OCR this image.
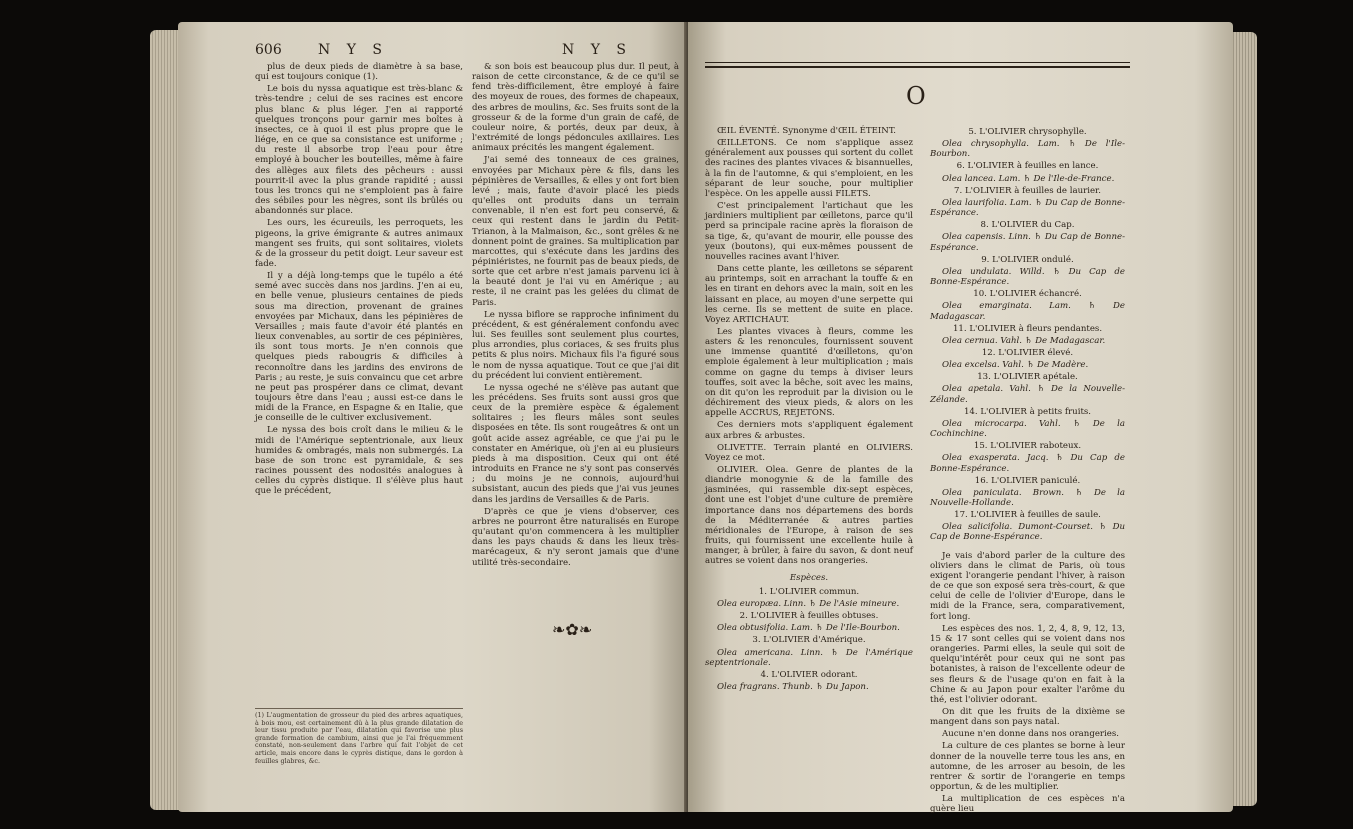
606	N Y S	N Y S

plus de deux pieds de diamètre à sa base, qui est toujours conique (1).

Le bois du nyssa aquatique est très-blanc & très-tendre ; celui de ses racines est encore plus blanc & plus léger. J'en ai rapporté quelques tronçons pour garnir mes boîtes à insectes, ce à quoi il est plus propre que le liége, en ce que sa consistance est uniforme ; du reste il absorbe trop l'eau pour être employé à boucher les bouteilles, même à faire des allèges aux filets des pêcheurs : aussi pourrit-il avec la plus grande rapidité ; aussi tous les troncs qui ne s'emploient pas à faire des sébiles pour les nègres, sont ils brûlés ou abandonnés sur place.

Les ours, les écureuils, les perroquets, les pigeons, la grive émigrante & autres animaux mangent ses fruits, qui sont solitaires, violets & de la grosseur du petit doigt. Leur saveur est fade.

Il y a déjà long-temps que le tupélo a été semé avec succès dans nos jardins. J'en ai eu, en belle venue, plusieurs centaines de pieds sous ma direction, provenant de graines envoyées par Michaux, dans les pépinières de Versailles ; mais faute d'avoir été plantés en lieux convenables, au sortir de ces pépinières, ils sont tous morts. Je n'en connois que quelques pieds rabougris & difficiles à reconnoître dans les jardins des environs de Paris ; au reste, je suis convaincu que cet arbre ne peut pas prospérer dans ce climat, devant toujours être dans l'eau ; aussi est-ce dans le midi de la France, en Espagne & en Italie, que je conseille de le cultiver exclusivement.

Le nyssa des bois croît dans le milieu & le midi de l'Amérique septentrionale, aux lieux humides & ombragés, mais non submergés. La base de son tronc est pyramidale, & ses racines poussent des nodosités analogues à celles du cyprès distique. Il s'élève plus haut que le précédent,

(1) L'augmentation de grosseur du pied des arbres aquatiques, à bois mou, est certainement dû à la plus grande dilatation de leur tissu produite par l'eau, dilatation qui favorise une plus grande formation de cambium, ainsi que je l'ai fréquemment constaté, non-seulement dans l'arbre qui fait l'objet de cet article, mais encore dans le cyprès distique, dans le gordon à feuilles glabres, &c.

& son bois est beaucoup plus dur. Il peut, à raison de cette circonstance, & de ce qu'il se fend très-difficilement, être employé à faire des moyeux de roues, des formes de chapeaux, des arbres de moulins, &c. Ses fruits sont de la grosseur & de la forme d'un grain de café, de couleur noire, & portés, deux par deux, à l'extrémité de longs pédoncules axillaires. Les animaux précités les mangent également.

J'ai semé des tonneaux de ces graines, envoyées par Michaux père & fils, dans les pépinières de Versailles, & elles y ont fort bien levé ; mais, faute d'avoir placé les pieds qu'elles ont produits dans un terrain convenable, il n'en est fort peu conservé, & ceux qui restent dans le jardin du Petit-Trianon, à la Malmaison, &c., sont grêles & ne donnent point de graines. Sa multiplication par marcottes, qui s'exécute dans les jardins des pépiniéristes, ne fournit pas de beaux pieds, de sorte que cet arbre n'est jamais parvenu ici à la beauté dont je l'ai vu en Amérique ; au reste, il ne craint pas les gelées du climat de Paris.

Le nyssa biflore se rapproche infiniment du précédent, & est généralement confondu avec lui. Ses feuilles sont seulement plus courtes, plus arrondies, plus coriaces, & ses fruits plus petits & plus noirs. Michaux fils l'a figuré sous le nom de nyssa aquatique. Tout ce que j'ai dit du précédent lui convient entièrement.

Le nyssa ogeché ne s'élève pas autant que les précédens. Ses fruits sont aussi gros que ceux de la première espèce & également solitaires ; les fleurs mâles sont seules disposées en tête. Ils sont rougeâtres & ont un goût acide assez agréable, ce que j'ai pu le constater en Amérique, où j'en ai eu plusieurs pieds à ma disposition. Ceux qui ont été introduits en France ne s'y sont pas conservés ; du moins je ne connois, aujourd'hui subsistant, aucun des pieds que j'ai vus jeunes dans les jardins de Versailles & de Paris.

D'après ce que je viens d'observer, ces arbres ne pourront être naturalisés en Europe qu'autant qu'on commencera à les multiplier dans les pays chauds & dans les lieux très-marécageux, & n'y seront jamais que d'une utilité très-secondaire.

❧✿❧
O

ŒIL ÉVENTÉ. Synonyme d'ŒIL ÉTEINT.

ŒILLETONS. Ce nom s'applique assez généralement aux pousses qui sortent du collet des racines des plantes vivaces & bisannuelles, à la fin de l'automne, & qui s'emploient, en les séparant de leur souche, pour multiplier l'espèce. On les appelle aussi FILETS.

C'est principalement l'artichaut que les jardiniers multiplient par œilletons, parce qu'il perd sa principale racine après la floraison de sa tige, &, qu'avant de mourir, elle pousse des yeux (boutons), qui eux-mêmes poussent de nouvelles racines avant l'hiver.

Dans cette plante, les œilletons se séparent au printemps, soit en arrachant la touffe & en les en tirant en dehors avec la main, soit en les laissant en place, au moyen d'une serpette qui les cerne. Ils se mettent de suite en place. Voyez ARTICHAUT.

Les plantes vivaces à fleurs, comme les asters & les renoncules, fournissent souvent une immense quantité d'œilletons, qu'on emploie également à leur multiplication ; mais comme on gagne du temps à diviser leurs touffes, soit avec la bêche, soit avec les mains, on dit qu'on les reproduit par la division ou le déchirement des vieux pieds, & alors on les appelle ACCRUS, REJETONS.

Ces derniers mots s'appliquent également aux arbres & arbustes.

OLIVETTE. Terrain planté en OLIVIERS. Voyez ce mot.

OLIVIER. Olea. Genre de plantes de la diandrie monogynie & de la famille des jasminées, qui rassemble dix-sept espèces, dont une est l'objet d'une culture de première importance dans nos départemens des bords de la Méditerranée & autres parties méridionales de l'Europe, à raison de ses fruits, qui fournissent une excellente huile à manger, à brûler, à faire du savon, & dont neuf autres se voient dans nos orangeries.

Espèces.

1. L'OLIVIER commun.

Olea europæa. Linn. ♄ De l'Asie mineure.

2. L'OLIVIER à feuilles obtuses.

Olea obtusifolia. Lam. ♄ De l'Ile-Bourbon.

3. L'OLIVIER d'Amérique.

Olea americana. Linn. ♄ De l'Amérique septentrionale.

4. L'OLIVIER odorant.

Olea fragrans. Thunb. ♄ Du Japon.

5. L'OLIVIER chrysophylle.

Olea chrysophylla. Lam. ♄ De l'Ile-Bourbon.

6. L'OLIVIER à feuilles en lance.

Olea lancea. Lam. ♄ De l'Ile-de-France.

7. L'OLIVIER à feuilles de laurier.

Olea laurifolia. Lam. ♄ Du Cap de Bonne-Espérance.

8. L'OLIVIER du Cap.

Olea capensis. Linn. ♄ Du Cap de Bonne-Espérance.

9. L'OLIVIER ondulé.

Olea undulata. Willd. ♄ Du Cap de Bonne-Espérance.

10. L'OLIVIER échancré.

Olea emarginata. Lam. ♄ De Madagascar.

11. L'OLIVIER à fleurs pendantes.

Olea cernua. Vahl. ♄ De Madagascar.

12. L'OLIVIER élevé.

Olea excelsa. Vahl. ♄ De Madère.

13. L'OLIVIER apétale.

Olea apetala. Vahl. ♄ De la Nouvelle-Zélande.

14. L'OLIVIER à petits fruits.

Olea microcarpa. Vahl. ♄ De la Cochinchine.

15. L'OLIVIER raboteux.

Olea exasperata. Jacq. ♄ Du Cap de Bonne-Espérance.

16. L'OLIVIER paniculé.

Olea paniculata. Brown. ♄ De la Nouvelle-Hollande.

17. L'OLIVIER à feuilles de saule.

Olea salicifolia. Dumont-Courset. ♄ Du Cap de Bonne-Espérance.

Je vais d'abord parler de la culture des oliviers dans le climat de Paris, où tous exigent l'orangerie pendant l'hiver, à raison de ce que son exposé sera très-court, & que celui de celle de l'olivier d'Europe, dans le midi de la France, sera, comparativement, fort long.

Les espèces des nos. 1, 2, 4, 8, 9, 12, 13, 15 & 17 sont celles qui se voient dans nos orangeries. Parmi elles, la seule qui soit de quelqu'intérêt pour ceux qui ne sont pas botanistes, à raison de l'excellente odeur de ses fleurs & de l'usage qu'on en fait à la Chine & au Japon pour exalter l'arôme du thé, est l'olivier odorant.

On dit que les fruits de la dixième se mangent dans son pays natal.

Aucune n'en donne dans nos orangeries.

La culture de ces plantes se borne à leur donner de la nouvelle terre tous les ans, en automne, de les arroser au besoin, de les rentrer & sortir de l'orangerie en temps opportun, & de les multiplier.

La multiplication de ces espèces n'a guère lieu
